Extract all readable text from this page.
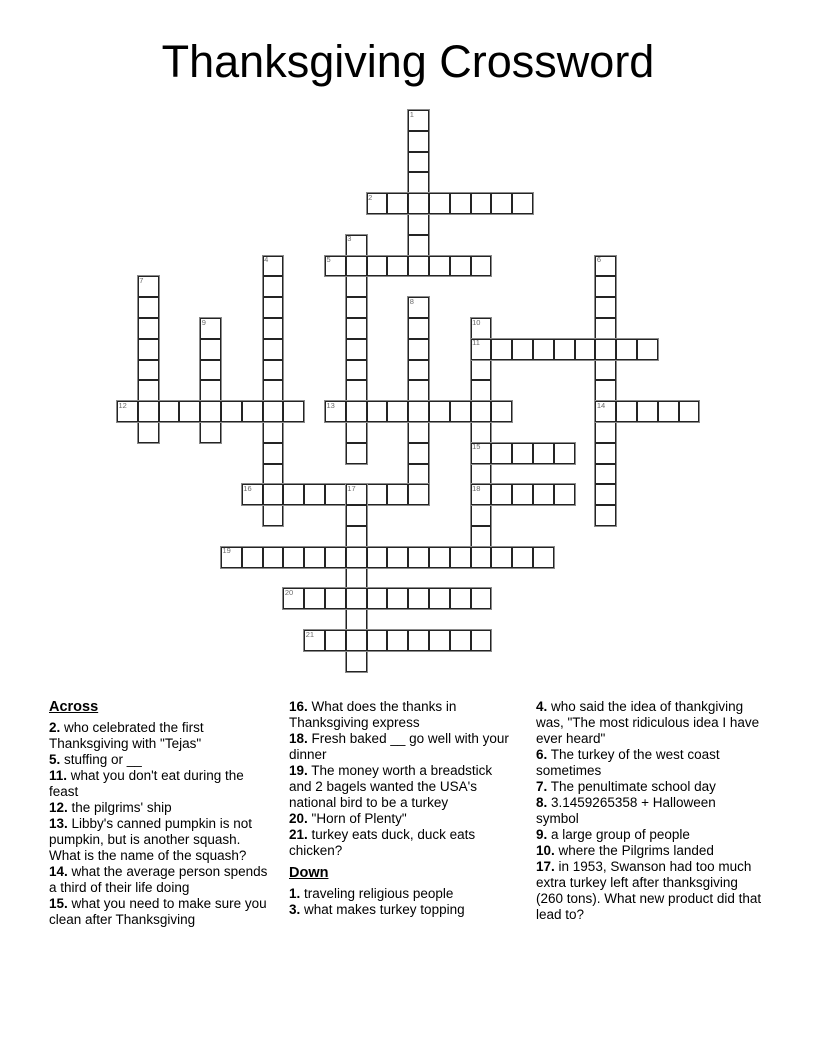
Thanksgiving Crossword
1
2
3
4	5	6
7
8
9	10
11
12	13	14
15
16	17	18
19
20
21
Across

2. who celebrated the first Thanksgiving with "Tejas"

5. stuffing or __

11. what you don't eat during the feast

12. the pilgrims' ship

13. Libby's canned pumpkin is not pumpkin, but is another squash. What is the name of the squash?

14. what the average person spends a third of their life doing

15. what you need to make sure you clean after Thanksgiving

16. What does the thanks in Thanksgiving express

18. Fresh baked __ go well with your dinner

19. The money worth a breadstick and 2 bagels wanted the USA's national bird to be a turkey

20. "Horn of Plenty"

21. turkey eats duck, duck eats chicken?

Down

1. traveling religious people

3. what makes turkey topping

4. who said the idea of thankgiving was, "The most ridiculous idea I have ever heard"

6. The turkey of the west coast sometimes

7. The penultimate school day

8. 3.1459265358 + Halloween symbol

9. a large group of people

10. where the Pilgrims landed

17. in 1953, Swanson had too much extra turkey left after thanksgiving (260 tons). What new product did that lead to?
